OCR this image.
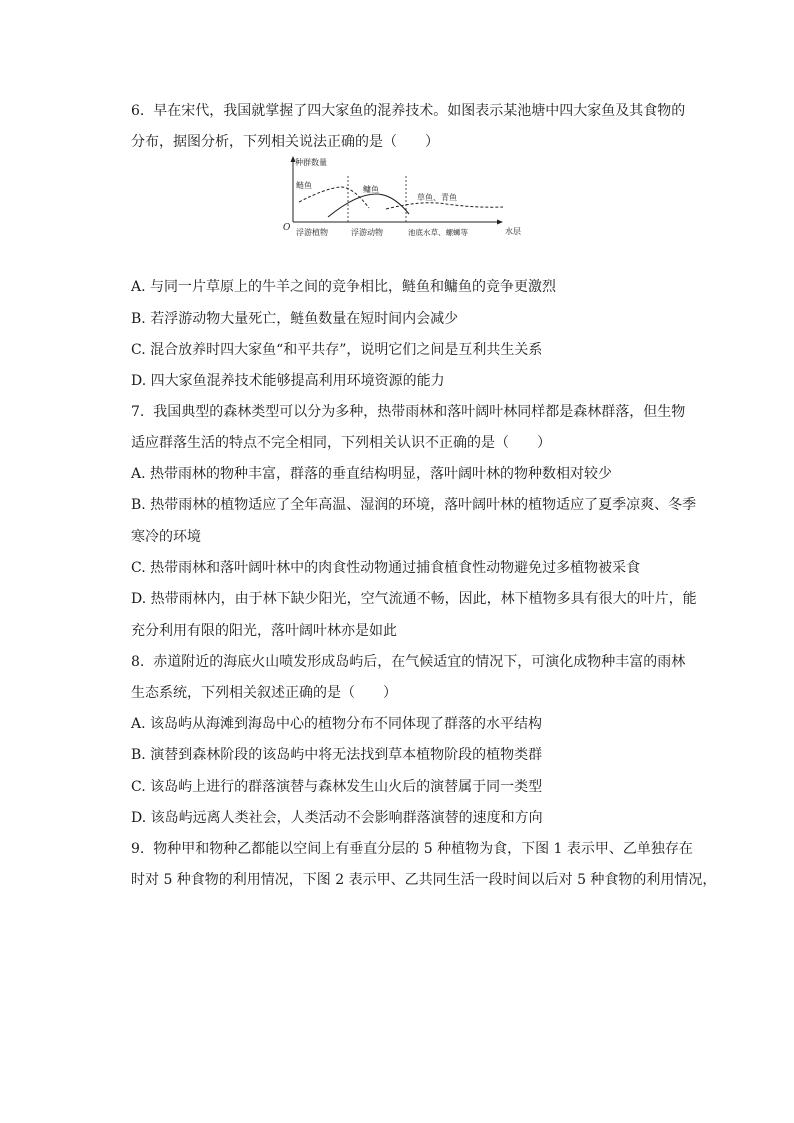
6. 早在宋代，我国就掌握了四大家鱼的混养技术。如图表示某池塘中四大家鱼及其食物的
分布，据图分析，下列相关说法正确的是（　　）
种群数量
水层
O
鲢鱼	鳙鱼
草鱼、青鱼
浮游植物	浮游动物	池底水草、螺蛳等
A. 与同一片草原上的牛羊之间的竞争相比，鲢鱼和鳙鱼的竞争更激烈
B. 若浮游动物大量死亡，鲢鱼数量在短时间内会减少
C. 混合放养时四大家鱼“和平共存”，说明它们之间是互利共生关系
D. 四大家鱼混养技术能够提高利用环境资源的能力
7. 我国典型的森林类型可以分为多种，热带雨林和落叶阔叶林同样都是森林群落，但生物
适应群落生活的特点不完全相同，下列相关认识不正确的是（　　）
A. 热带雨林的物种丰富，群落的垂直结构明显，落叶阔叶林的物种数相对较少
B. 热带雨林的植物适应了全年高温、湿润的环境，落叶阔叶林的植物适应了夏季凉爽、冬季
寒冷的环境
C. 热带雨林和落叶阔叶林中的肉食性动物通过捕食植食性动物避免过多植物被采食
D. 热带雨林内，由于林下缺少阳光，空气流通不畅，因此，林下植物多具有很大的叶片，能
充分利用有限的阳光，落叶阔叶林亦是如此
8. 赤道附近的海底火山喷发形成岛屿后，在气候适宜的情况下，可演化成物种丰富的雨林
生态系统，下列相关叙述正确的是（　　）
A. 该岛屿从海滩到海岛中心的植物分布不同体现了群落的水平结构
B. 演替到森林阶段的该岛屿中将无法找到草本植物阶段的植物类群
C. 该岛屿上进行的群落演替与森林发生山火后的演替属于同一类型
D. 该岛屿远离人类社会，人类活动不会影响群落演替的速度和方向
9. 物种甲和物种乙都能以空间上有垂直分层的 5 种植物为食，下图 1 表示甲、乙单独存在
时对 5 种食物的利用情况，下图 2 表示甲、乙共同生活一段时间以后对 5 种食物的利用情况，
